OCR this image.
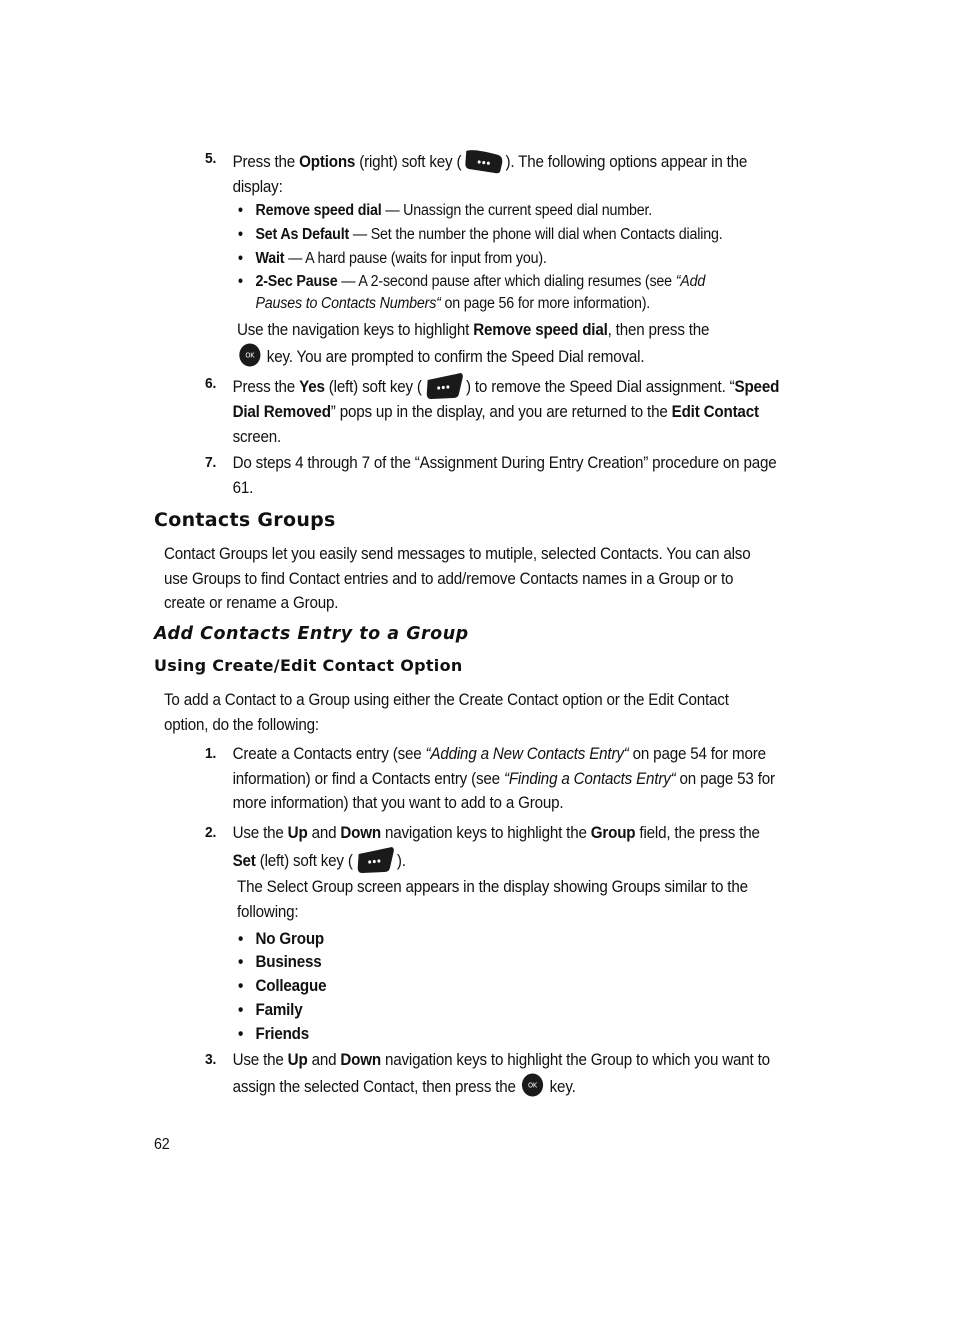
5. Press the Options (right) soft key (	). The following options appear in the display:
• Remove speed dial — Unassign the current speed dial number.
• Set As Default — Set the number the phone will dial when Contacts dialing.
• Wait — A hard pause (waits for input from you).
• 2-Sec Pause — A 2-second pause after which dialing resumes (see “Add Pauses to Contacts Numbers“ on page 56 for more information).
Use the navigation keys to highlight Remove speed dial, then press the

OK key. You are prompted to confirm the Speed Dial removal.
6. Press the Yes (left) soft key (	) to remove the Speed Dial assignment. “Speed Dial Removed” pops up in the display, and you are returned to the Edit Contact screen.
7. Do steps 4 through 7 of the “Assignment During Entry Creation” procedure on page 61.
Contacts Groups
Contact Groups let you easily send messages to mutiple, selected Contacts. You can also use Groups to find Contact entries and to add/remove Contacts names in a Group or to create or rename a Group.
Add Contacts Entry to a Group
Using Create/Edit Contact Option
To add a Contact to a Group using either the Create Contact option or the Edit Contact option, do the following:
1. Create a Contacts entry (see “Adding a New Contacts Entry“ on page 54 for more information) or find a Contacts entry (see “Finding a Contacts Entry“ on page 53 for more information) that you want to add to a Group.
2. Use the Up and Down navigation keys to highlight the Group field, the press the Set (left) soft key (	).
The Select Group screen appears in the display showing Groups similar to the following:
• No Group
• Business
• Colleague
• Family
• Friends
3. Use the Up and Down navigation keys to highlight the Group to which you want to assign the selected Contact, then press the OK key.
62
